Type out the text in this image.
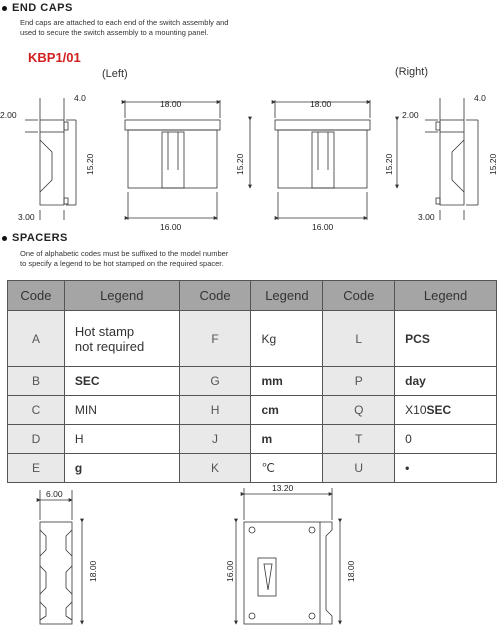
END CAPS
End caps are attached to each end of the switch assembly and
used to secure the switch assembly to a mounting panel.
KBP1/01
(Left)	(Right)
4.0
2.00
3.00
18.00
16.00
18.00
16.00
4.0
2.00
3.00
15.20	15.20	15.20	15.20
SPACERS
One of alphabetic codes must be suffixed to the model number
to specify a legend to be hot stamped on the required spacer.
Code	Legend	Code	Legend	Code	Legend
A	Hot stamp
not required	F	Kg	L	PCS
B	SEC	G	mm	P	day
C	MIN	H	cm	Q	X10SEC
D	H	J	m	T	0
E	g	K	℃	U	•
6.00
18.00
13.20
16.00	18.00
